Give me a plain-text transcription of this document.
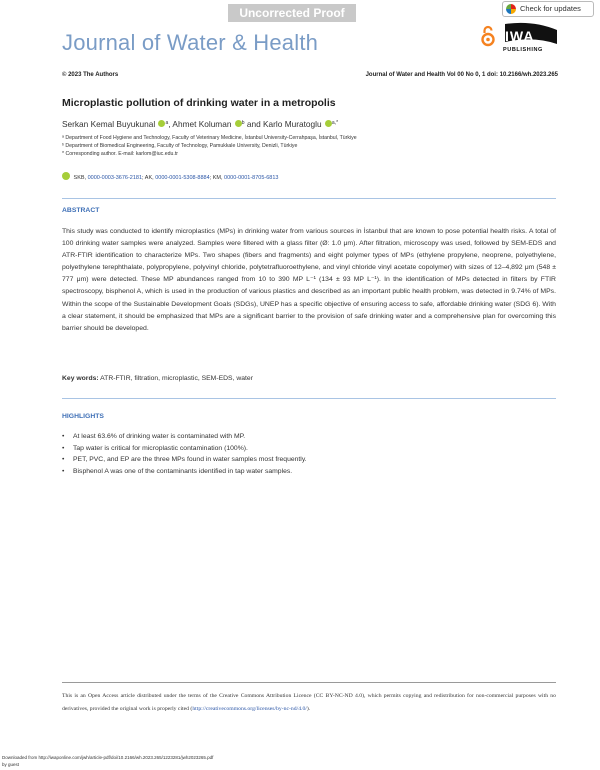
Uncorrected Proof	Check for updates
Journal of Water & Health	IWA
PUBLISHING
© 2023 The Authors	Journal of Water and Health Vol 00 No 0, 1 doi: 10.2166/wh.2023.265
Microplastic pollution of drinking water in a metropolis
Serkan Kemal Buyukunal $^a$, Ahmet Koluman $^b$ and Karlo Muratoglu $^{a,*}$
ᵃ Department of Food Hygiene and Technology, Faculty of Veterinary Medicine, İstanbul University-Cerrahpaşa, İstanbul, Türkiye
ᵇ Department of Biomedical Engineering, Faculty of Technology, Pamukkale University, Denizli, Türkiye
* Corresponding author. E-mail: karlom@iuc.edu.tr
SKB, 0000-0003-3676-2181; AK, 0000-0001-5308-8884; KM, 0000-0001-8705-6813
ABSTRACT
This study was conducted to identify microplastics (MPs) in drinking water from various sources in İstanbul that are known to pose potential health risks. A total of 100 drinking water samples were analyzed. Samples were filtered with a glass filter (Ø: 1.0 μm). After filtration, microscopy was used, followed by SEM-EDS and ATR-FTIR identification to characterize MPs. Two shapes (fibers and fragments) and eight polymer types of MPs (ethylene propylene, neoprene, polyethylene, polyethylene terephthalate, polypropylene, polyvinyl chloride, polytetrafluoroethylene, and vinyl chloride vinyl acetate copolymer) with sizes of 12–4,892 μm (548 ± 777 μm) were detected. These MP abundances ranged from 10 to 390 MP L⁻¹ (134 ± 93 MP L⁻¹). In the identification of MPs detected in filters by FTIR spectroscopy, bisphenol A, which is used in the production of various plastics and described as an important public health problem, was detected in 9.74% of MPs. Within the scope of the Sustainable Development Goals (SDGs), UNEP has a specific objective of ensuring access to safe, affordable drinking water (SDG 6). With a clear statement, it should be emphasized that MPs are a significant barrier to the provision of safe drinking water and a comprehensive plan for overcoming this barrier should be developed.
Key words: ATR-FTIR, filtration, microplastic, SEM-EDS, water
HIGHLIGHTS
• At least 63.6% of drinking water is contaminated with MP.
• Tap water is critical for microplastic contamination (100%).
• PET, PVC, and EP are the three MPs found in water samples most frequently.
• Bisphenol A was one of the contaminants identified in tap water samples.
This is an Open Access article distributed under the terms of the Creative Commons Attribution Licence (CC BY-NC-ND 4.0), which permits copying and redistribution for non-commercial purposes with no derivatives, provided the original work is properly cited (http://creativecommons.org/licenses/by-nc-nd/4.0/).
Downloaded from http://iwaponline.com/jwh/article-pdf/doi/10.2166/wh.2023.265/1223281/jwh2023265.pdf
by guest
